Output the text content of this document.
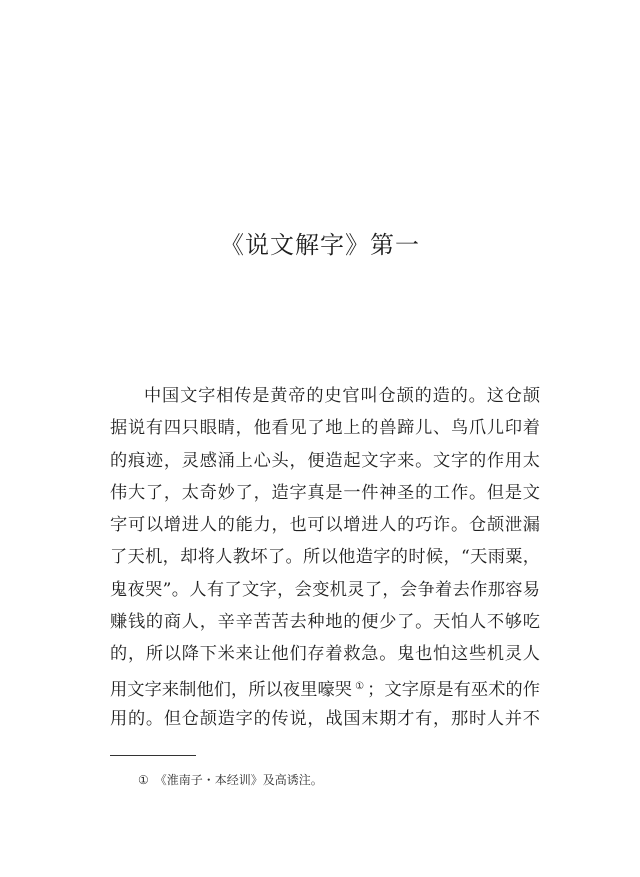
《说文解字》第一
中国文字相传是黄帝的史官叫仓颉的造的。这仓颉
据说有四只眼睛，他看见了地上的兽蹄儿、鸟爪儿印着
的痕迹，灵感涌上心头，便造起文字来。文字的作用太
伟大了，太奇妙了，造字真是一件神圣的工作。但是文
字可以增进人的能力，也可以增进人的巧诈。仓颉泄漏
了天机，却将人教坏了。所以他造字的时候，“天雨粟，
鬼夜哭”。人有了文字，会变机灵了，会争着去作那容易
赚钱的商人，辛辛苦苦去种地的便少了。天怕人不够吃
的，所以降下米来让他们存着救急。鬼也怕这些机灵人
用文字来制他们，所以夜里嚎哭 ① ；文字原是有巫术的作
用的。但仓颉造字的传说，战国末期才有，那时人并不
① 《淮南子・本经训》及高诱注。
